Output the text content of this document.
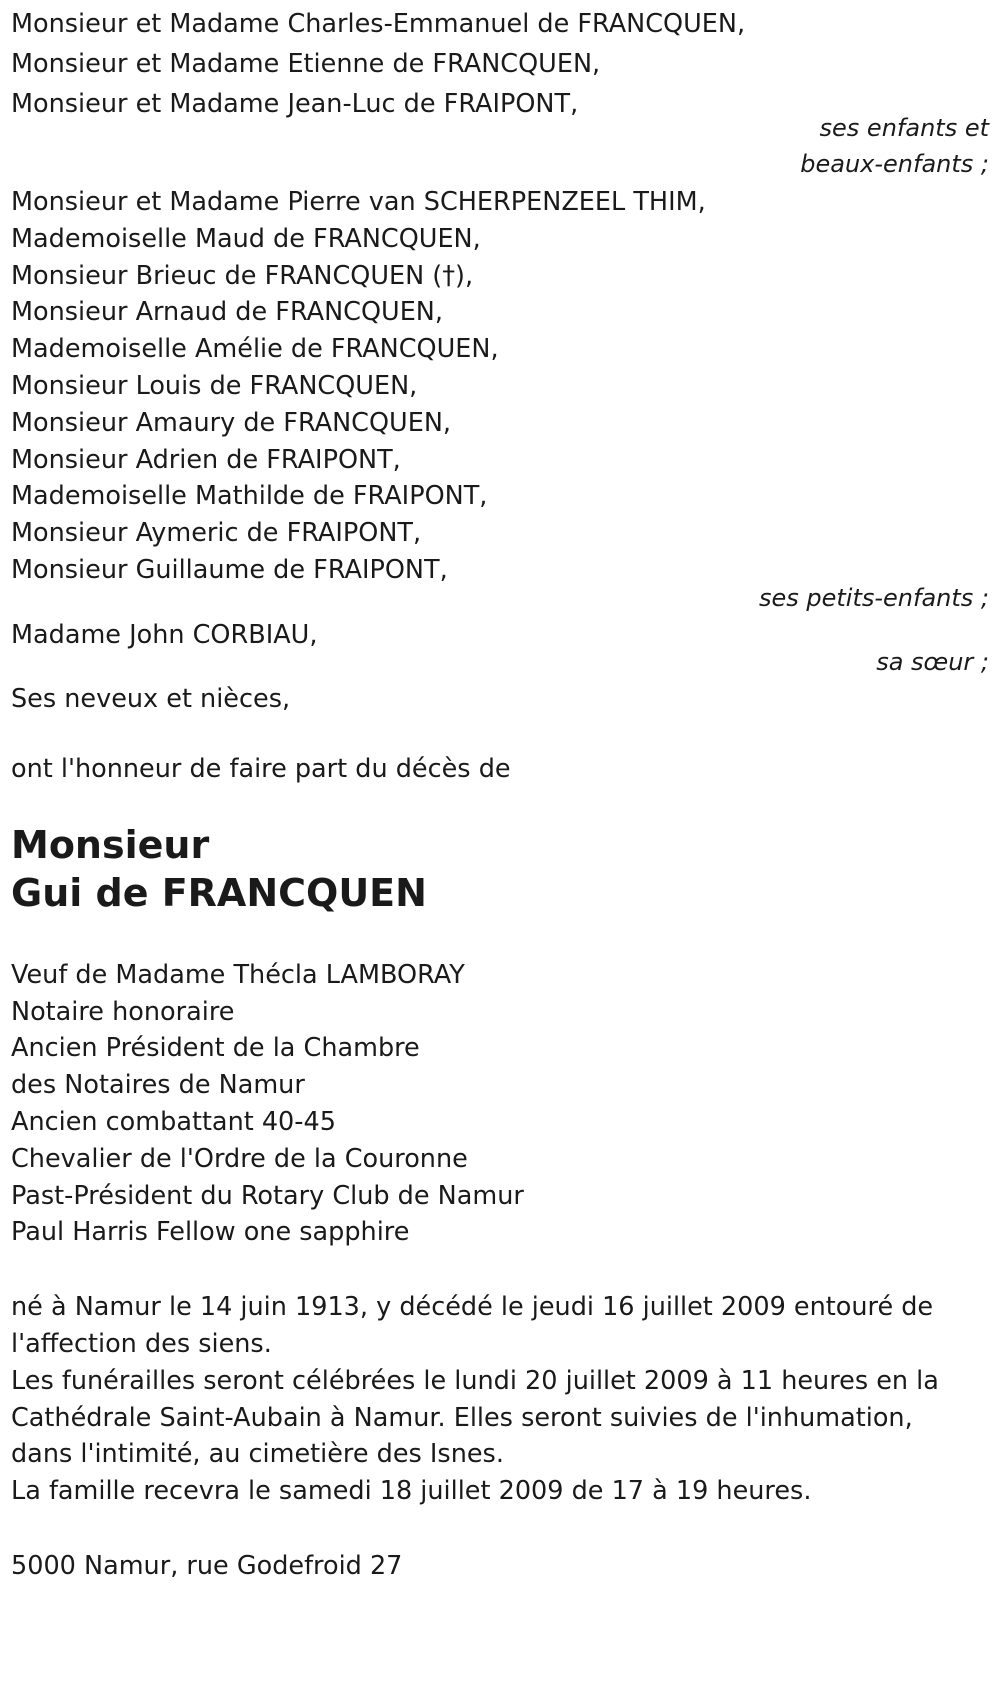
Monsieur et Madame Charles-Emmanuel de FRANCQUEN,
Monsieur et Madame Etienne de FRANCQUEN,
Monsieur et Madame Jean-Luc de FRAIPONT,
ses enfants et
beaux-enfants ;
Monsieur et Madame Pierre van SCHERPENZEEL THIM,
Mademoiselle Maud de FRANCQUEN,
Monsieur Brieuc de FRANCQUEN (†),
Monsieur Arnaud de FRANCQUEN,
Mademoiselle Amélie de FRANCQUEN,
Monsieur Louis de FRANCQUEN,
Monsieur Amaury de FRANCQUEN,
Monsieur Adrien de FRAIPONT,
Mademoiselle Mathilde de FRAIPONT,
Monsieur Aymeric de FRAIPONT,
Monsieur Guillaume de FRAIPONT,
ses petits-enfants ;
Madame John CORBIAU,
sa sœur ;
Ses neveux et nièces,
ont l'honneur de faire part du décès de
Monsieur
Gui de FRANCQUEN
Veuf de Madame Thécla LAMBORAY
Notaire honoraire
Ancien Président de la Chambre
des Notaires de Namur
Ancien combattant 40-45
Chevalier de l'Ordre de la Couronne
Past-Président du Rotary Club de Namur
Paul Harris Fellow one sapphire
né à Namur le 14 juin 1913, y décédé le jeudi 16 juillet 2009 entouré de
l'affection des siens.
Les funérailles seront célébrées le lundi 20 juillet 2009 à 11 heures en la
Cathédrale Saint-Aubain à Namur. Elles seront suivies de l'inhumation,
dans l'intimité, au cimetière des Isnes.
La famille recevra le samedi 18 juillet 2009 de 17 à 19 heures.
5000 Namur, rue Godefroid 27
